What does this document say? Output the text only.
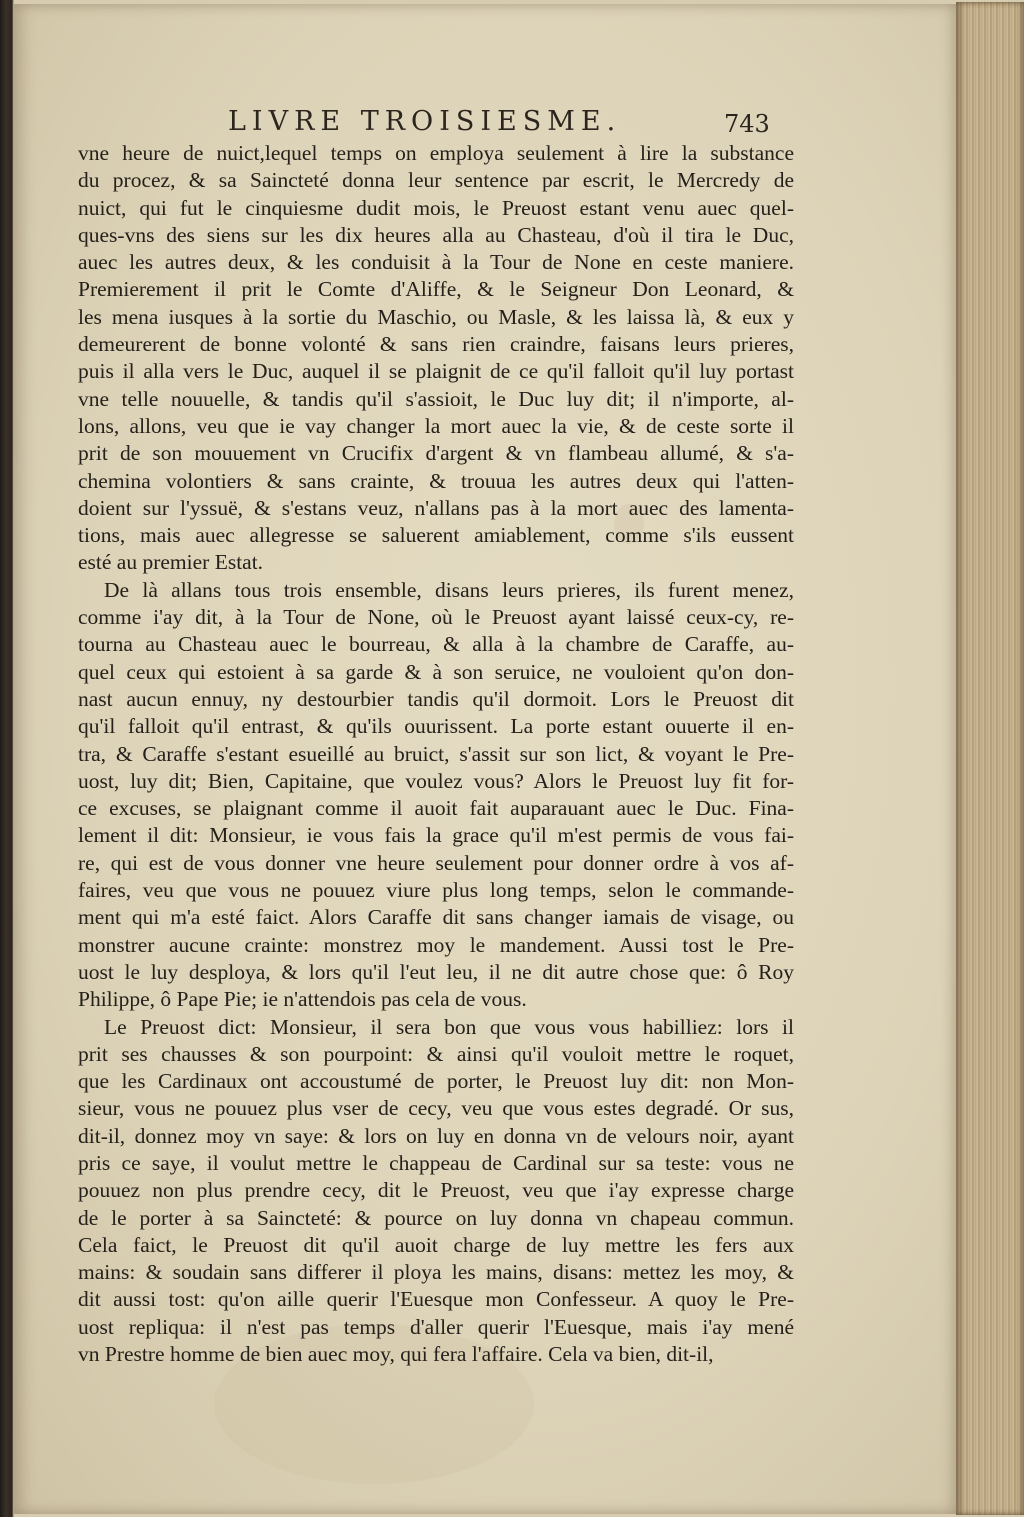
LIVRE TROISIESME.	743
vne heure de nuict,lequel temps on employa seulement à lire la substance
du procez, & sa Saincteté donna leur sentence par escrit, le Mercredy de
nuict, qui fut le cinquiesme dudit mois, le Preuost estant venu auec quel-
ques-vns des siens sur les dix heures alla au Chasteau, d'où il tira le Duc,
auec les autres deux, & les conduisit à la Tour de None en ceste maniere.
Premierement il prit le Comte d'Aliffe, & le Seigneur Don Leonard, &
les mena iusques à la sortie du Maschio, ou Masle, & les laissa là, & eux y
demeurerent de bonne volonté & sans rien craindre, faisans leurs prieres,
puis il alla vers le Duc, auquel il se plaignit de ce qu'il falloit qu'il luy portast
vne telle nouuelle, & tandis qu'il s'assioit, le Duc luy dit; il n'importe, al-
lons, allons, veu que ie vay changer la mort auec la vie, & de ceste sorte il
prit de son mouuement vn Crucifix d'argent & vn flambeau allumé, & s'a-
chemina volontiers & sans crainte, & trouua les autres deux qui l'atten-
doient sur l'yssuë, & s'estans veuz, n'allans pas à la mort auec des lamenta-
tions, mais auec allegresse se saluerent amiablement, comme s'ils eussent
esté au premier Estat.
De là allans tous trois ensemble, disans leurs prieres, ils furent menez,
comme i'ay dit, à la Tour de None, où le Preuost ayant laissé ceux-cy, re-
tourna au Chasteau auec le bourreau, & alla à la chambre de Caraffe, au-
quel ceux qui estoient à sa garde & à son seruice, ne vouloient qu'on don-
nast aucun ennuy, ny destourbier tandis qu'il dormoit. Lors le Preuost dit
qu'il falloit qu'il entrast, & qu'ils ouurissent. La porte estant ouuerte il en-
tra, & Caraffe s'estant esueillé au bruict, s'assit sur son lict, & voyant le Pre-
uost, luy dit; Bien, Capitaine, que voulez vous? Alors le Preuost luy fit for-
ce excuses, se plaignant comme il auoit fait auparauant auec le Duc. Fina-
lement il dit: Monsieur, ie vous fais la grace qu'il m'est permis de vous fai-
re, qui est de vous donner vne heure seulement pour donner ordre à vos af-
faires, veu que vous ne pouuez viure plus long temps, selon le commande-
ment qui m'a esté faict. Alors Caraffe dit sans changer iamais de visage, ou
monstrer aucune crainte: monstrez moy le mandement. Aussi tost le Pre-
uost le luy desploya, & lors qu'il l'eut leu, il ne dit autre chose que: ô Roy
Philippe, ô Pape Pie; ie n'attendois pas cela de vous.
Le Preuost dict: Monsieur, il sera bon que vous vous habilliez: lors il
prit ses chausses & son pourpoint: & ainsi qu'il vouloit mettre le roquet,
que les Cardinaux ont accoustumé de porter, le Preuost luy dit: non Mon-
sieur, vous ne pouuez plus vser de cecy, veu que vous estes degradé. Or sus,
dit-il, donnez moy vn saye: & lors on luy en donna vn de velours noir, ayant
pris ce saye, il voulut mettre le chappeau de Cardinal sur sa teste: vous ne
pouuez non plus prendre cecy, dit le Preuost, veu que i'ay expresse charge
de le porter à sa Saincteté: & pource on luy donna vn chapeau commun.
Cela faict, le Preuost dit qu'il auoit charge de luy mettre les fers aux
mains: & soudain sans differer il ploya les mains, disans: mettez les moy, &
dit aussi tost: qu'on aille querir l'Euesque mon Confesseur. A quoy le Pre-
uost repliqua: il n'est pas temps d'aller querir l'Euesque, mais i'ay mené
vn Prestre homme de bien auec moy, qui fera l'affaire. Cela va bien, dit-il,
